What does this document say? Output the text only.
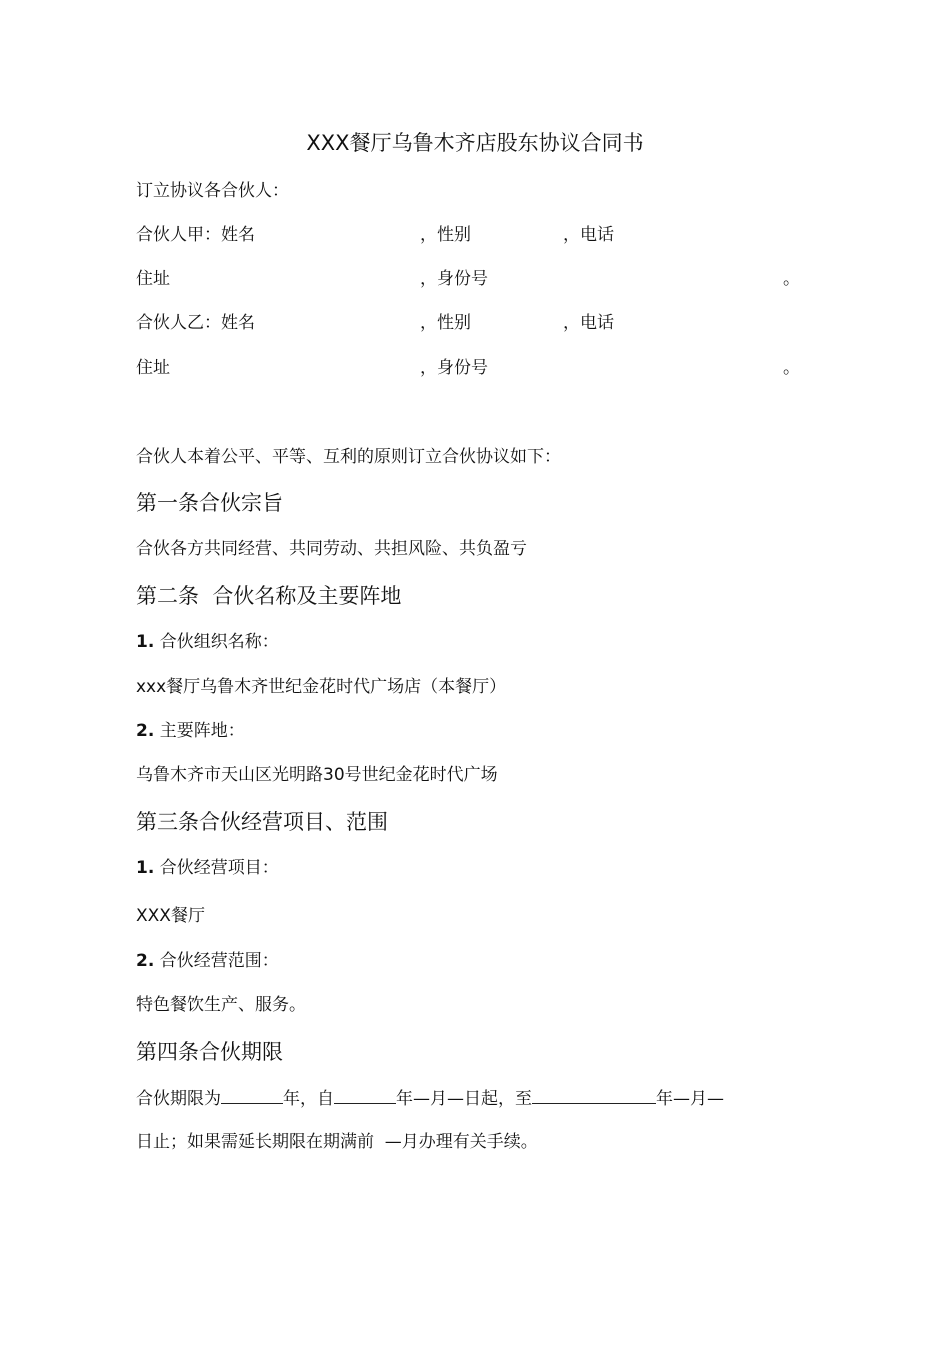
XXX餐厅乌鲁木齐店股东协议合同书
订立协议各合伙人：
合伙人甲：姓名	，性别	，电话
住址	，身份号	。
合伙人乙：姓名	，性别	，电话
住址	，身份号	。
合伙人本着公平、平等、互利的原则订立合伙协议如下：
第一条合伙宗旨
合伙各方共同经营、共同劳动、共担风险、共负盈亏
第二条  合伙名称及主要阵地
1. 合伙组织名称：
xxx餐厅乌鲁木齐世纪金花时代广场店（本餐厅）
2. 主要阵地：
乌鲁木齐市天山区光明路30号世纪金花时代广场
第三条合伙经营项目、范围
1. 合伙经营项目：
XXX餐厅
2. 合伙经营范围：
特色餐饮生产、服务。
第四条合伙期限
合伙期限为	年，自	年—月—日起，至	年—月—
日止；如果需延长期限在期满前  —月办理有关手续。
